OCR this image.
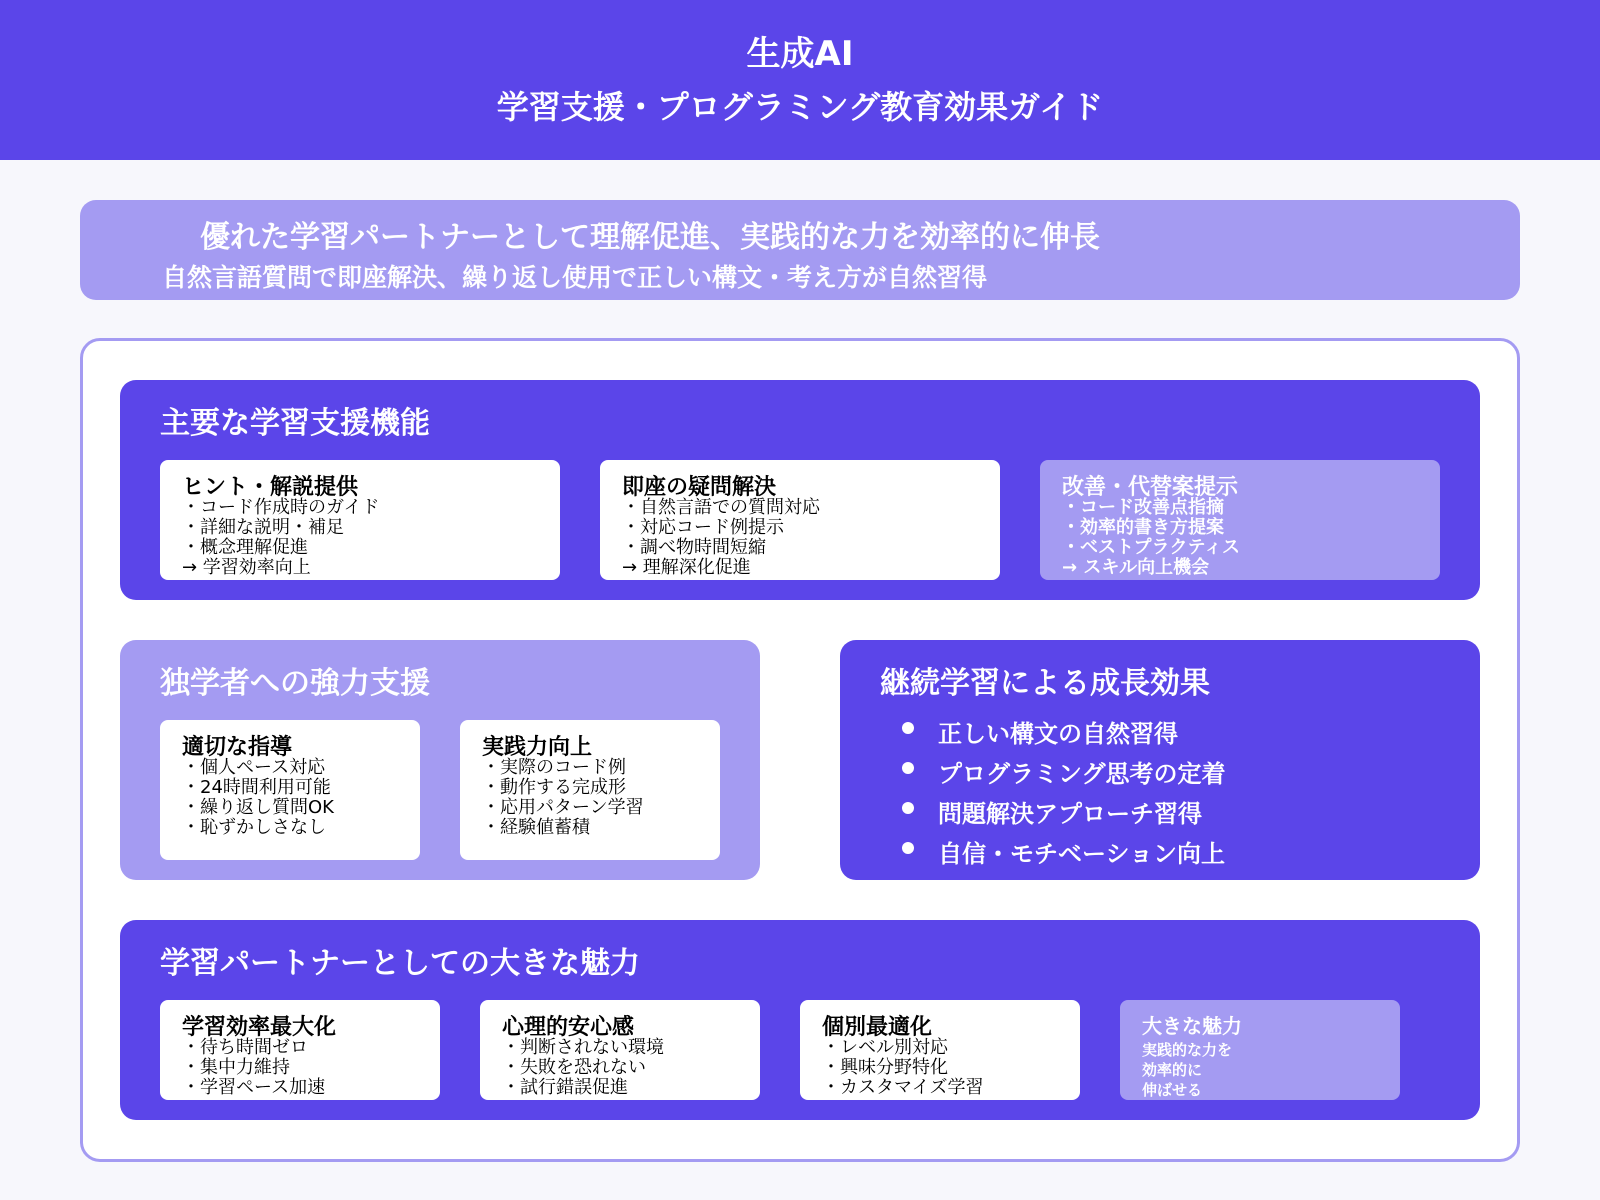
生成AI
学習支援・プログラミング教育効果ガイド
優れた学習パートナーとして理解促進、実践的な力を効率的に伸長
自然言語質問で即座解決、繰り返し使用で正しい構文・考え方が自然習得
主要な学習支援機能
ヒント・解説提供
・コード作成時のガイド
・詳細な説明・補足
・概念理解促進
→ 学習効率向上
即座の疑問解決
・自然言語での質問対応
・対応コード例提示
・調べ物時間短縮
→ 理解深化促進
改善・代替案提示
・コード改善点指摘
・効率的書き方提案
・ベストプラクティス
→ スキル向上機会
独学者への強力支援
適切な指導
・個人ペース対応
・24時間利用可能
・繰り返し質問OK
・恥ずかしさなし
実践力向上
・実際のコード例
・動作する完成形
・応用パターン学習
・経験値蓄積
継続学習による成長効果
正しい構文の自然習得
プログラミング思考の定着
問題解決アプローチ習得
自信・モチベーション向上
学習パートナーとしての大きな魅力
学習効率最大化
・待ち時間ゼロ
・集中力維持
・学習ペース加速
心理的安心感
・判断されない環境
・失敗を恐れない
・試行錯誤促進
個別最適化
・レベル別対応
・興味分野特化
・カスタマイズ学習
大きな魅力
実践的な力を
効率的に
伸ばせる
